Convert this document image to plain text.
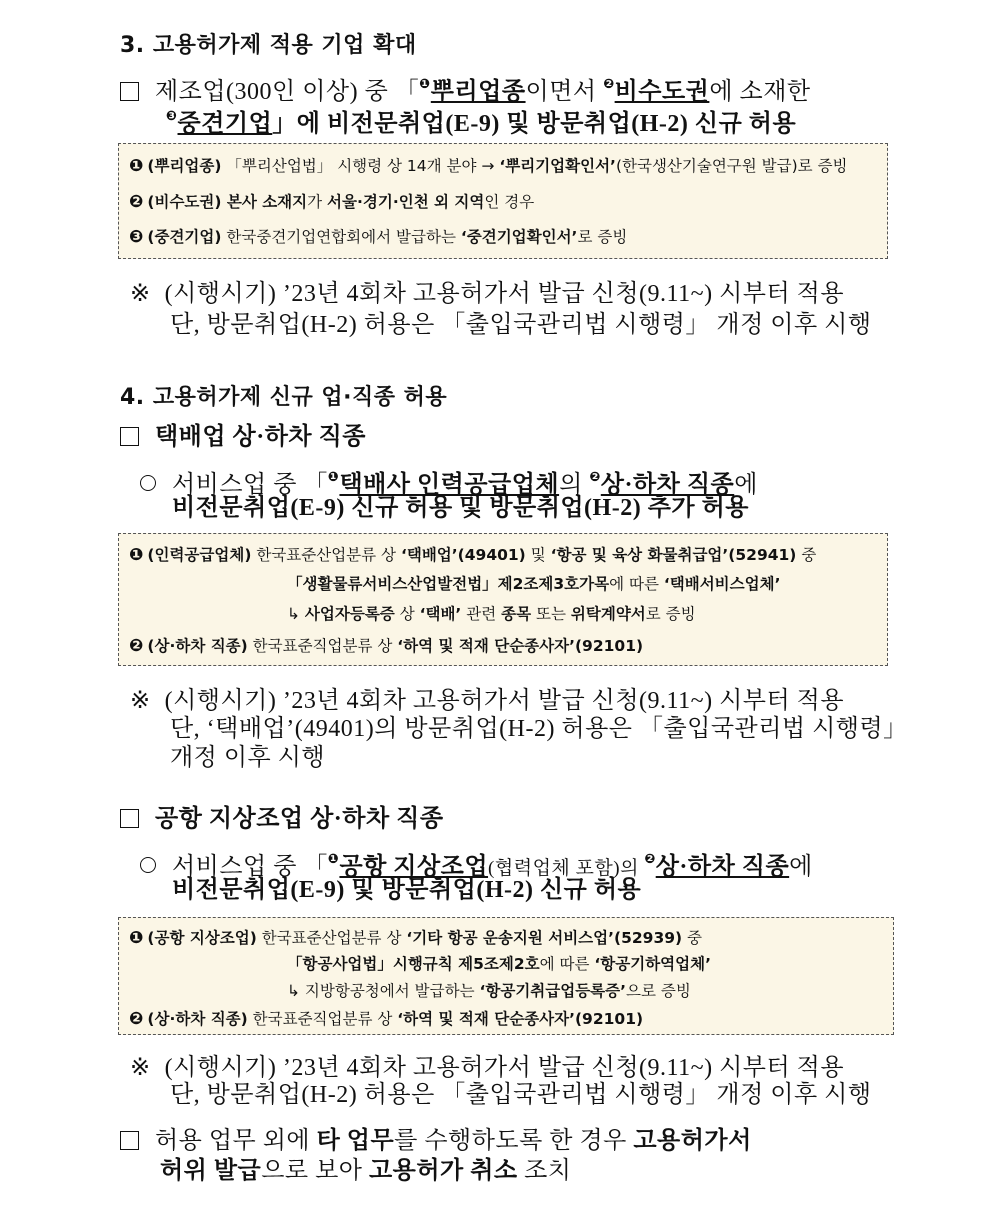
3. 고용허가제 적용 기업 확대
제조업(300인 이상) 중 「$^❶$뿌리업종이면서 $^❷$비수도권에 소재한
$^❸$중견기업」에 비전문취업(E-9) 및 방문취업(H-2) 신규 허용
❶ (뿌리업종) 「뿌리산업법」 시행령 상 14개 분야 → ‘뿌리기업확인서’(한국생산기술연구원 발급)로 증빙
❷ (비수도권) 본사 소재지가 서울·경기·인천 외 지역인 경우
❸ (중견기업) 한국중견기업연합회에서 발급하는 ‘중견기업확인서’로 증빙
※ (시행시기) ’23년 4회차 고용허가서 발급 신청(9.11~) 시부터 적용
단, 방문취업(H-2) 허용은 「출입국관리법 시행령」 개정 이후 시행
4. 고용허가제 신규 업·직종 허용
택배업 상·하차 직종
서비스업 중 「$^❶$택배사 인력공급업체의 $^❷$상·하차 직종에
비전문취업(E-9) 신규 허용 및 방문취업(H-2) 추가 허용
❶ (인력공급업체) 한국표준산업분류 상 ‘택배업’(49401) 및 ‘항공 및 육상 화물취급업’(52941) 중
「생활물류서비스산업발전법」제2조제3호가목에 따른 ‘택배서비스업체’
↳ 사업자등록증 상 ‘택배’ 관련 종목 또는 위탁계약서로 증빙
❷ (상·하차 직종) 한국표준직업분류 상 ‘하역 및 적재 단순종사자’(92101)
※ (시행시기) ’23년 4회차 고용허가서 발급 신청(9.11~) 시부터 적용
단, ‘택배업’(49401)의 방문취업(H-2) 허용은 「출입국관리법 시행령」
개정 이후 시행
공항 지상조업 상·하차 직종
서비스업 중 「$^❶$공항 지상조업(협력업체 포함)의 $^❷$상·하차 직종에
비전문취업(E-9) 및 방문취업(H-2) 신규 허용
❶ (공항 지상조업) 한국표준산업분류 상 ‘기타 항공 운송지원 서비스업’(52939) 중
「항공사업법」시행규칙 제5조제2호에 따른 ‘항공기하역업체’
↳ 지방항공청에서 발급하는 ‘항공기취급업등록증’으로 증빙
❷ (상·하차 직종) 한국표준직업분류 상 ‘하역 및 적재 단순종사자’(92101)
※ (시행시기) ’23년 4회차 고용허가서 발급 신청(9.11~) 시부터 적용
단, 방문취업(H-2) 허용은 「출입국관리법 시행령」 개정 이후 시행
허용 업무 외에 타 업무를 수행하도록 한 경우 고용허가서
허위 발급으로 보아 고용허가 취소 조치
